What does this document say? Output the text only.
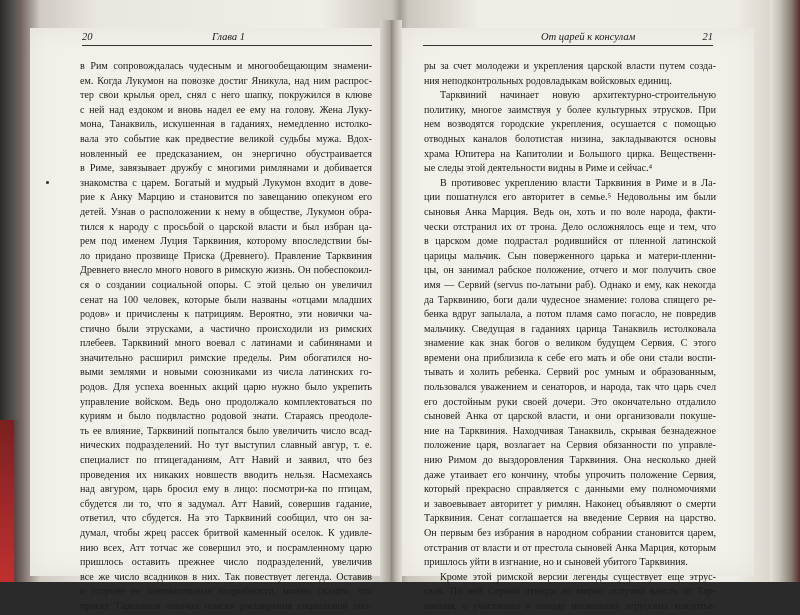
20	Глава 1	От царей к консулам	21
в Рим сопровождалась чудесным и многообещающим знамени-
ем. Когда Лукумон на повозке достиг Яникула, над ним распрос-
тер свои крылья орел, снял с него шапку, покружился в клюве
с ней над ездоком и вновь надел ее ему на голову. Жена Луку-
мона, Танаквиль, искушенная в гаданиях, немедленно истолко-
вала это событие как предвестие великой судьбы мужа. Вдох-
новленный ее предсказанием, он энергично обустраивается
в Риме, завязывает дружбу с многими римлянами и добивается
знакомства с царем. Богатый и мудрый Лукумон входит в дове-
рие к Анку Марцию и становится по завещанию опекуном его
детей. Узнав о расположении к нему в обществе, Лукумон обра-
тился к народу с просьбой о царской власти и был избран ца-
рем под именем Луция Тарквиния, которому впоследствии бы-
ло придано прозвище Приска (Древнего). Правление Тарквиния
Древнего внесло много нового в римскую жизнь. Он побеспокоил-
ся о создании социальной опоры. С этой целью он увеличил
сенат на 100 человек, которые были названы «отцами младших
родов» и причислены к патрициям. Вероятно, эти новички ча-
стично были этрусками, а частично происходили из римских
плебеев. Тарквиний много воевал с латинами и сабинянами и
значительно расширил римские пределы. Рим обогатился но-
выми землями и новыми союзниками из числа латинских го-
родов. Для успеха военных акций царю нужно было укрепить
управление войском. Ведь оно продолжало комплектоваться по
куриям и было подвластно родовой знати. Стараясь преодоле-
ть ее влияние, Тарквиний попытался было увеличить число всад-
нических подразделений. Но тут выступил славный авгур, т. е.
специалист по птицегаданиям, Атт Навий и заявил, что без
проведения их никаких новшеств вводить нельзя. Насмехаясь
над авгуром, царь бросил ему в лицо: посмотри-ка по птицам,
сбудется ли то, что я задумал. Атт Навий, совершив гадание,
ответил, что сбудется. На это Тарквиний сообщил, что он за-
думал, чтобы жрец рассек бритвой каменный оселок. К удивле-
нию всех, Атт тотчас же совершил это, и посрамленному царю
пришлось оставить прежнее число подразделений, увеличив
все же число всадников в них. Так повествует легенда. Оставив
в стороне ее занимательные подробности, можно сказать, что
проект Тарквиния означал поиски расширения социальной опо-
ры за счет молодежи и укрепления царской власти путем созда-
ния неподконтрольных родовладыкам войсковых единиц.
Тарквиний начинает новую архитектурно-строительную
политику, многое заимствуя у более культурных этрусков. При
нем возводятся городские укрепления, осушается с помощью
отводных каналов болотистая низина, закладываются основы
храма Юпитера на Капитолии и Большого цирка. Вещественн-
ые следы этой деятельности видны в Риме и сейчас.⁴
В противовес укреплению власти Тарквиния в Риме и в Ла-
ции пошатнулся его авторитет в семье.⁵ Недовольны им были
сыновья Анка Марция. Ведь он, хоть и по воле народа, факти-
чески отстранил их от трона. Дело осложнялось еще и тем, что
в царском доме подрастал родившийся от пленной латинской
царицы мальчик. Сын поверженного царька и матери-пленни-
цы, он занимал рабское положение, отчего и мог получить свое
имя — Сервий (servus по-латыни раб). Однако и ему, как некогда
да Тарквинию, боги дали чудесное знамение: голова спящего ре-
бенка вдруг запылала, а потом пламя само погасло, не повредив
мальчику. Сведущая в гаданиях царица Танаквиль истолковала
знамение как знак богов о великом будущем Сервия. С этого
времени она приблизила к себе его мать и обе они стали воспи-
тывать и холить ребенка. Сервий рос умным и образованным,
пользовался уважением и сенаторов, и народа, так что царь счел
его достойным руки своей дочери. Это окончательно отдалило
сыновей Анка от царской власти, и они организовали покуше-
ние на Тарквиния. Находчивая Танаквиль, скрывая безнадежное
положение царя, возлагает на Сервия обязанности по управле-
нию Римом до выздоровления Тарквиния. Она несколько дней
даже утаивает его кончину, чтобы упрочить положение Сервия,
который прекрасно справляется с данными ему полномочиями
и завоевывает авторитет у римлян. Наконец объявляют о смерти
Тарквиния. Сенат соглашается на введение Сервия на царство.
Он первым без избрания в народном собрании становится царем,
отстранив от власти и от престола сыновей Анка Марция, которым
пришлось уйти в изгнание, но и сыновей убитого Тарквиния.
Кроме этой римской версии легенды существует еще этрус-
ская. По ней Сервий отнюдь не мирно получил власть от Тар-
квиния, а участвовал в походе нескольких этрусских кондотье-
